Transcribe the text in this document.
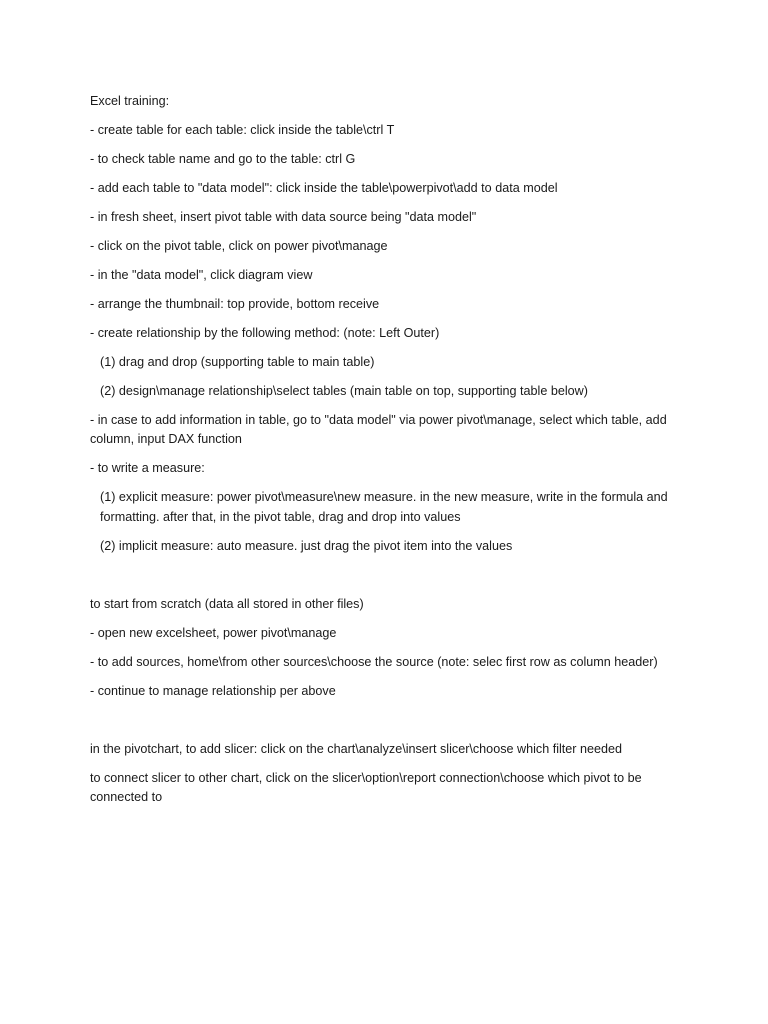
Excel training:

- create table for each table: click inside the table\ctrl T

- to check table name and go to the table: ctrl G

- add each table to "data model": click inside the table\powerpivot\add to data model

- in fresh sheet, insert pivot table with data source being "data model"

- click on the pivot table, click on power pivot\manage

- in the "data model", click diagram view

- arrange the thumbnail: top provide, bottom receive

- create relationship by the following method: (note: Left Outer)

(1) drag and drop (supporting table to main table)

(2) design\manage relationship\select tables (main table on top, supporting table below)

- in case to add information in table, go to "data model" via power pivot\manage, select which table, add column, input DAX function

- to write a measure:

(1) explicit measure: power pivot\measure\new measure. in the new measure, write in the formula and formatting. after that, in the pivot table, drag and drop into values

(2) implicit measure: auto measure. just drag the pivot item into the values

to start from scratch (data all stored in other files)

- open new excelsheet, power pivot\manage

- to add sources, home\from other sources\choose the source (note: selec first row as column header)

- continue to manage relationship per above

in the pivotchart, to add slicer: click on the chart\analyze\insert slicer\choose which filter needed

to connect slicer to other chart, click on the slicer\option\report connection\choose which pivot to be connected to
